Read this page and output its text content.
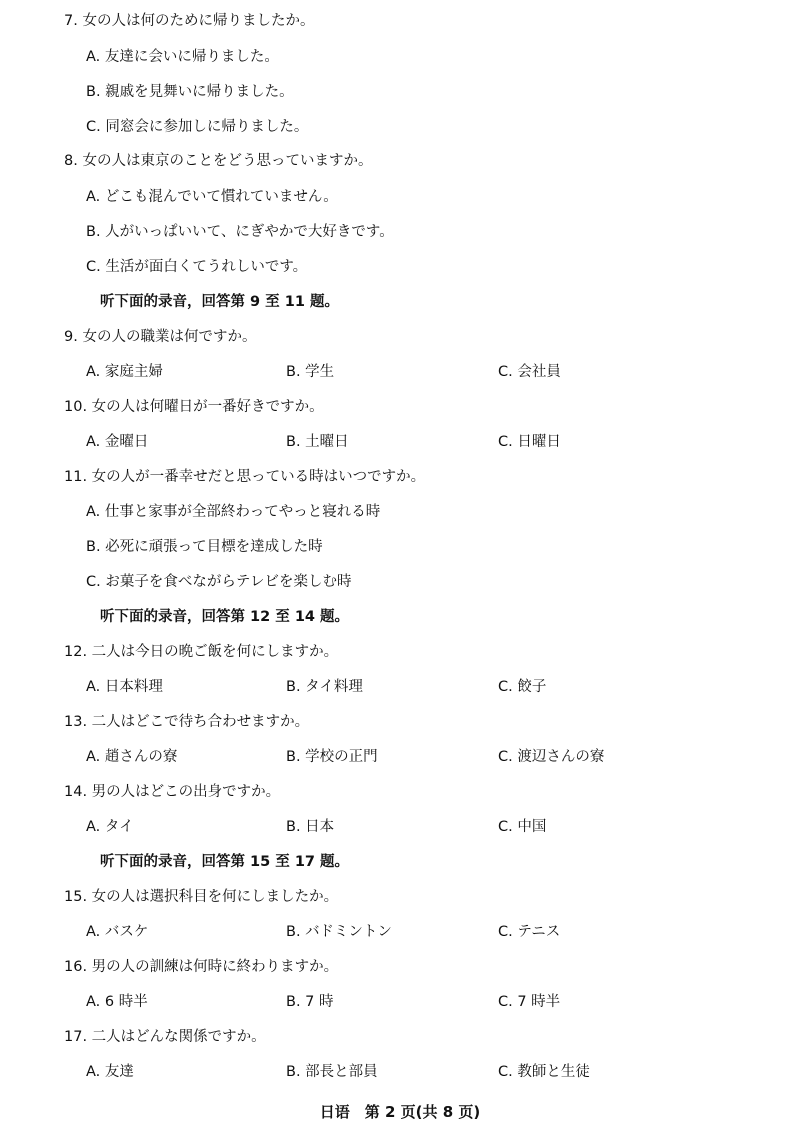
7. 女の人は何のために帰りましたか。
A. 友達に会いに帰りました。
B. 親戚を見舞いに帰りました。
C. 同窓会に参加しに帰りました。
8. 女の人は東京のことをどう思っていますか。
A. どこも混んでいて慣れていません。
B. 人がいっぱいいて、にぎやかで大好きです。
C. 生活が面白くてうれしいです。
听下面的录音，回答第 9 至 11 题。
9. 女の人の職業は何ですか。
A. 家庭主婦	B. 学生	C. 会社員
10. 女の人は何曜日が一番好きですか。
A. 金曜日	B. 土曜日	C. 日曜日
11. 女の人が一番幸せだと思っている時はいつですか。
A. 仕事と家事が全部終わってやっと寝れる時
B. 必死に頑張って目標を達成した時
C. お菓子を食べながらテレビを楽しむ時
听下面的录音，回答第 12 至 14 题。
12. 二人は今日の晩ご飯を何にしますか。
A. 日本料理	B. タイ料理	C. 餃子
13. 二人はどこで待ち合わせますか。
A. 趙さんの寮	B. 学校の正門	C. 渡辺さんの寮
14. 男の人はどこの出身ですか。
A. タイ	B. 日本	C. 中国
听下面的录音，回答第 15 至 17 题。
15. 女の人は選択科目を何にしましたか。
A. バスケ	B. バドミントン	C. テニス
16. 男の人の訓練は何時に終わりますか。
A. 6 時半	B. 7 時	C. 7 時半
17. 二人はどんな関係ですか。
A. 友達	B. 部長と部員	C. 教師と生徒
日语　第 2 页(共 8 页)
